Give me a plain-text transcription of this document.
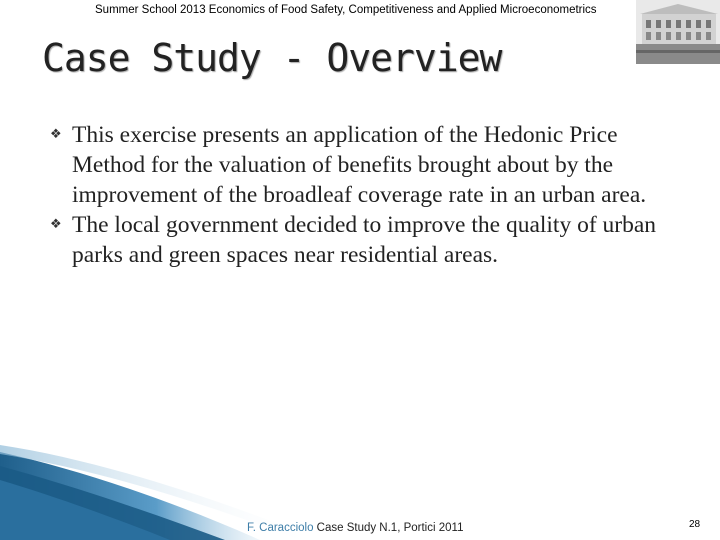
Summer School 2013 Economics of Food Safety, Competitiveness and Applied Microeconometrics
Case Study - Overview
❖ This exercise presents an application of the Hedonic Price Method for the valuation of benefits brought about by the improvement of the broadleaf coverage rate in an urban area.
❖ The local government decided to improve the quality of urban parks and green spaces near residential areas.
F. Caracciolo Case Study N.1, Portici 2011	28
